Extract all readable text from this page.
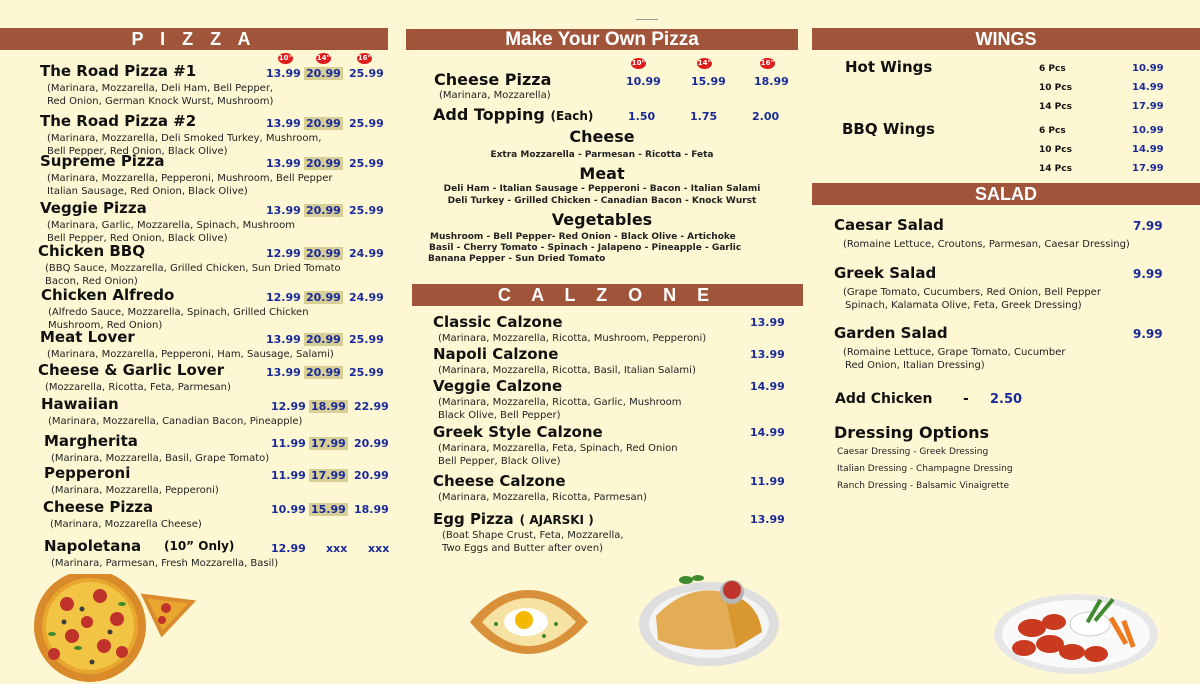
P I Z Z A
10"	14"	16"
The Road Pizza #1
(Marinara, Mozzarella, Deli Ham, Bell Pepper,
Red Onion, German Knock Wurst, Mushroom)
13.99 20.99 25.99
The Road Pizza #2
(Marinara, Mozzarella, Deli Smoked Turkey, Mushroom,
Bell Pepper, Red Onion, Black Olive)
13.99 20.99 25.99
Supreme Pizza
(Marinara, Mozzarella, Pepperoni, Mushroom, Bell Pepper
Italian Sausage, Red Onion, Black Olive)
13.99 20.99 25.99
Veggie Pizza
(Marinara, Garlic, Mozzarella, Spinach, Mushroom
Bell Pepper, Red Onion, Black Olive)
13.99 20.99 25.99
Chicken BBQ
(BBQ Sauce, Mozzarella, Grilled Chicken, Sun Dried Tomato
Bacon, Red Onion)
12.99 20.99 24.99
Chicken Alfredo
(Alfredo Sauce, Mozzarella, Spinach, Grilled Chicken
Mushroom, Red Onion)
12.99 20.99 24.99
Meat Lover
(Marinara, Mozzarella, Pepperoni, Ham, Sausage, Salami)
13.99 20.99 25.99
Cheese & Garlic Lover
(Mozzarella, Ricotta, Feta, Parmesan)
13.99 20.99 25.99
Hawaiian
(Marinara, Mozzarella, Canadian Bacon, Pineapple)
12.99 18.99 22.99
Margherita
(Marinara, Mozzarella, Basil, Grape Tomato)
11.99 17.99 20.99
Pepperoni
(Marinara, Mozzarella, Pepperoni)
11.99 17.99 20.99
Cheese Pizza
(Marinara, Mozzarella Cheese)
10.99 15.99 18.99
Napoletana (10” Only)
(Marinara, Parmesan, Fresh Mozzarella, Basil)
12.99 xxx xxx
Make Your Own Pizza
10"	14"	16"
Cheese Pizza
(Marinara, Mozzarella)
10.99	15.99	18.99
Add Topping (Each)	1.50	1.75	2.00
Cheese
Extra Mozzarella - Parmesan - Ricotta - Feta
Meat
Deli Ham - Italian Sausage - Pepperoni - Bacon - Italian Salami
Deli Turkey - Grilled Chicken - Canadian Bacon - Knock Wurst
Vegetables
Mushroom - Bell Pepper- Red Onion - Black Olive - Artichoke
Basil - Cherry Tomato - Spinach - Jalapeno - Pineapple - Garlic
Banana Pepper - Sun Dried Tomato
C A L Z O N E
Classic Calzone
(Marinara, Mozzarella, Ricotta, Mushroom, Pepperoni)
13.99
Napoli Calzone
(Marinara, Mozzarella, Ricotta, Basil, Italian Salami)
13.99
Veggie Calzone
(Marinara, Mozzarella, Ricotta, Garlic, Mushroom
Black Olive, Bell Pepper)
14.99
Greek Style Calzone
(Marinara, Mozzarella, Feta, Spinach, Red Onion
Bell Pepper, Black Olive)
14.99
Cheese Calzone
(Marinara, Mozzarella, Ricotta, Parmesan)
11.99
Egg Pizza ( AJARSKI )
(Boat Shape Crust, Feta, Mozzarella,
Two Eggs and Butter after oven)
13.99
WINGS
Hot Wings	6 Pcs	10.99
10 Pcs	14.99
14 Pcs	17.99
BBQ Wings	6 Pcs	10.99
10 Pcs	14.99
14 Pcs	17.99
SALAD
Caesar Salad
(Romaine Lettuce, Croutons, Parmesan, Caesar Dressing)
7.99
Greek Salad
(Grape Tomato, Cucumbers, Red Onion, Bell Pepper
Spinach, Kalamata Olive, Feta, Greek Dressing)
9.99
Garden Salad
(Romaine Lettuce, Grape Tomato, Cucumber
Red Onion, Italian Dressing)
9.99
Add Chicken - 2.50
Dressing Options
Caesar Dressing - Greek Dressing
Italian Dressing - Champagne Dressing
Ranch Dressing - Balsamic Vinaigrette
